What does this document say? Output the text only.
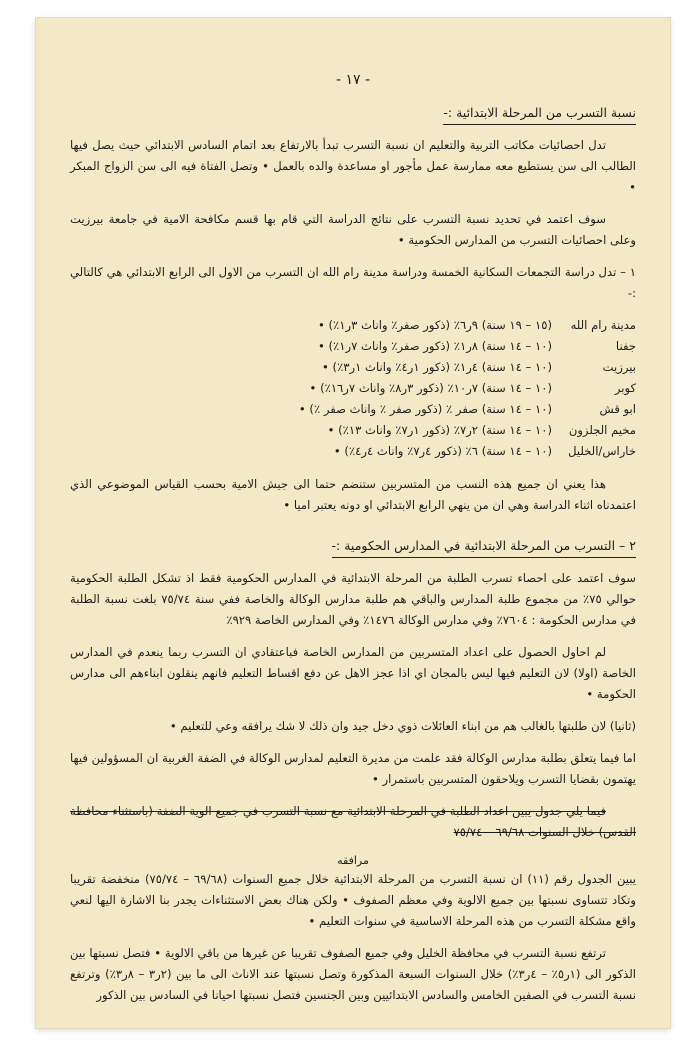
- ١٧ -
نسبة التسرب من المرحلة الابتدائية :-

تدل احصائيات مكاتب التربية والتعليم ان نسبة التسرب تبدأ بالارتفاع بعد اتمام السادس الابتدائي حيث يصل فيها الطالب الى سن يستطيع معه ممارسة عمل مأجور او مساعدة والده بالعمل • وتصل الفتاة فيه الى سن الزواج المبكر •

سوف اعتمد في تحديد نسبة التسرب على نتائج الدراسة التي قام بها قسم مكافحة الامية في جامعة بيرزيت وعلى احصائيات التسرب من المدارس الحكومية •

١ – تدل دراسة التجمعات السكانية الخمسة ودراسة مدينة رام الله ان التسرب من الاول الى الرابع الابتدائي هي كالتالي :-

مدينة رام الله
(١٥ – ١٩ سنة) ٩ر٦٪ (ذكور صفر٪ واناث ٣ر١٪) •
جفنا
(١٠ – ١٤ سنة) ٨ر١٪ (ذكور صفر٪ واناث ٧ر١٪) •
بيرزيت
(١٠ – ١٤ سنة) ٤ر١٪ (ذكور ١ر٤٪ واناث ١ر٣٪) •
كوبر
(١٠ – ١٤ سنة) ٧ر١٠٪ (ذكور ٣ر٨٪ واناث ٧ر١٦٪) •
ابو قش
(١٠ – ١٤ سنة) صفر ٪ (ذكور صفر ٪ واناث صفر ٪) •
مخيم الجلزون
(١٠ – ١٤ سنة) ٢ر٧٪ (ذكور ١ر٧٪ واناث ١٣٪) •
خاراس/الخليل
(١٠ – ١٤ سنة) ٦٪ (ذكور ٤ر٧٪ واناث ٤ر٤٪) •

هذا يعني ان جميع هذه النسب من المتسربين ستنضم حتما الى جيش الامية بحسب القياس الموضوعي الذي اعتمدناه اثناء الدراسة وهي ان من ينهي الرابع الابتدائي او دونه يعتبر اميا •

٢ – التسرب من المرحلة الابتدائية في المدارس الحكومية :-

سوف اعتمد على احصاء تسرب الطلبة من المرحلة الابتدائية في المدارس الحكومية فقط اذ تشكل الطلبة الحكومية حوالي ٧٥٪ من مجموع طلبة المدارس والباقي هم طلبة مدارس الوكالة والخاصة ففي سنة ٧٥/٧٤ بلغت نسبة الطلبة في مدارس الحكومة : ٧٦٠٤٪ وفي مدارس الوكالة ١٤٧٦٪ وفي المدارس الخاصة ٩٢٩٪

لم احاول الحصول على اعداد المتسربين من المدارس الخاصة فباعتقادي ان التسرب ربما ينعدم في المدارس الخاصة (اولا) لان التعليم فيها ليس بالمجان اي اذا عجز الاهل عن دفع اقساط التعليم فانهم ينقلون ابناءهم الى مدارس الحكومة •

(ثانيا) لان طلبتها بالغالب هم من ابناء العائلات ذوي دخل جيد وان ذلك لا شك يرافقه وعي للتعليم •

اما فيما يتعلق بطلبة مدارس الوكالة فقد علمت من مديرة التعليم لمدارس الوكالة في الضفة الغربية ان المسؤولين فيها يهتمون بقضايا التسرب ويلاحقون المتسربين باستمرار •

فيما يلي جدول يبين اعداد الطلبة في المرحلة الابتدائية مع نسبة التسرب في جميع الوية الضفة (باستثناء محافظة القدس) خلال السنوات ٦٩/٦٨ – ٧٥/٧٤

مرافقه

يبين الجدول رقم (١١) ان نسبة التسرب من المرحلة الابتدائية خلال جميع السنوات (٦٩/٦٨ – ٧٥/٧٤) منخفضة تقريبا وتكاد تتساوى نسبتها بين جميع الالوية وفي معظم الصفوف • ولكن هناك بعض الاستثناءات يجدر بنا الاشارة اليها لنعي واقع مشكلة التسرب من هذه المرحلة الاساسية في سنوات التعليم •

ترتفع نسبة التسرب في محافظة الخليل وفي جميع الصفوف تقريبا عن غيرها من باقي الالوية • فتصل نسبتها بين الذكور الى (١ر٥٪ – ٤ر٣٪) خلال السنوات السبعة المذكورة وتصل نسبتها عند الاناث الى ما بين (٢ر٣ – ٨ر٣٪) وترتفع نسبة التسرب في الصفين الخامس والسادس الابتدائيين وبين الجنسين فتصل نسبتها احيانا في السادس بين الذكور
